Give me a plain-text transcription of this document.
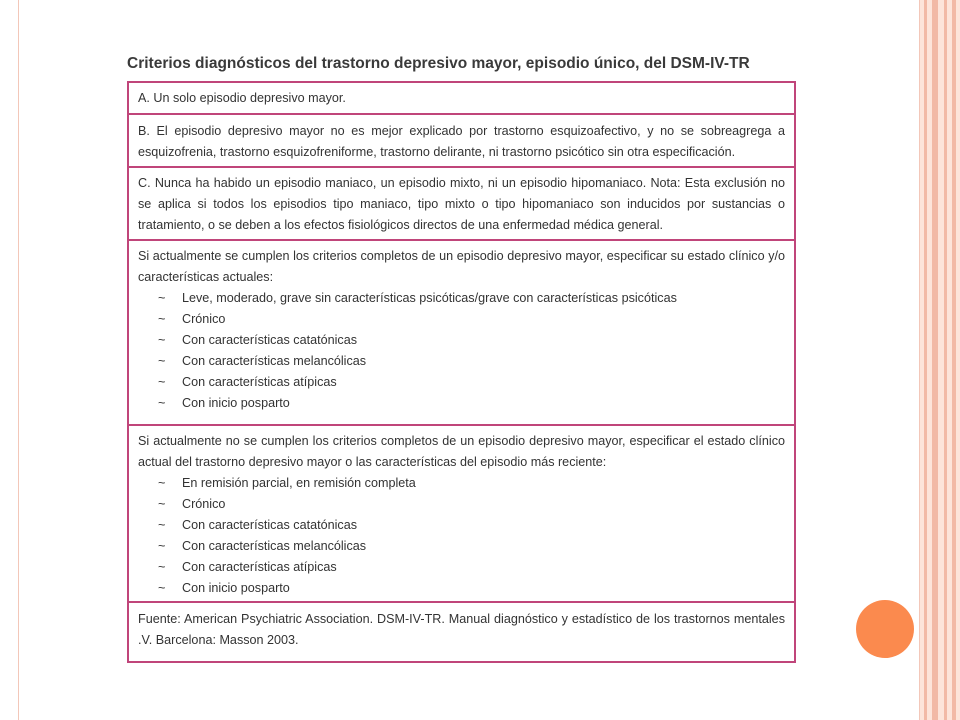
Criterios diagnósticos del trastorno depresivo mayor, episodio único, del DSM-IV-TR
A. Un solo episodio depresivo mayor.
B. El episodio depresivo mayor no es mejor explicado por trastorno esquizoafectivo, y no se sobreagrega a esquizofrenia, trastorno esquizofreniforme, trastorno delirante, ni trastorno psicótico sin otra especificación.
C. Nunca ha habido un episodio maniaco, un episodio mixto, ni un episodio hipomaniaco. Nota: Esta exclusión no se aplica si todos los episodios tipo maniaco, tipo mixto o tipo hipomaniaco son inducidos por sustancias o tratamiento, o se deben a los efectos fisiológicos directos de una enfermedad médica general.
Si actualmente se cumplen los criterios completos de un episodio depresivo mayor, especificar su estado clínico y/o características actuales:
~ Leve, moderado, grave sin características psicóticas/grave con características psicóticas
~ Crónico
~ Con características catatónicas
~ Con características melancólicas
~ Con características atípicas
~ Con inicio posparto
Si actualmente no se cumplen los criterios completos de un episodio depresivo mayor, especificar el estado clínico actual del trastorno depresivo mayor o las características del episodio más reciente:
~ En remisión parcial, en remisión completa
~ Crónico
~ Con características catatónicas
~ Con características melancólicas
~ Con características atípicas
~ Con inicio posparto
Fuente: American Psychiatric Association. DSM-IV-TR. Manual diagnóstico y estadístico de los trastornos mentales .V. Barcelona: Masson 2003.
